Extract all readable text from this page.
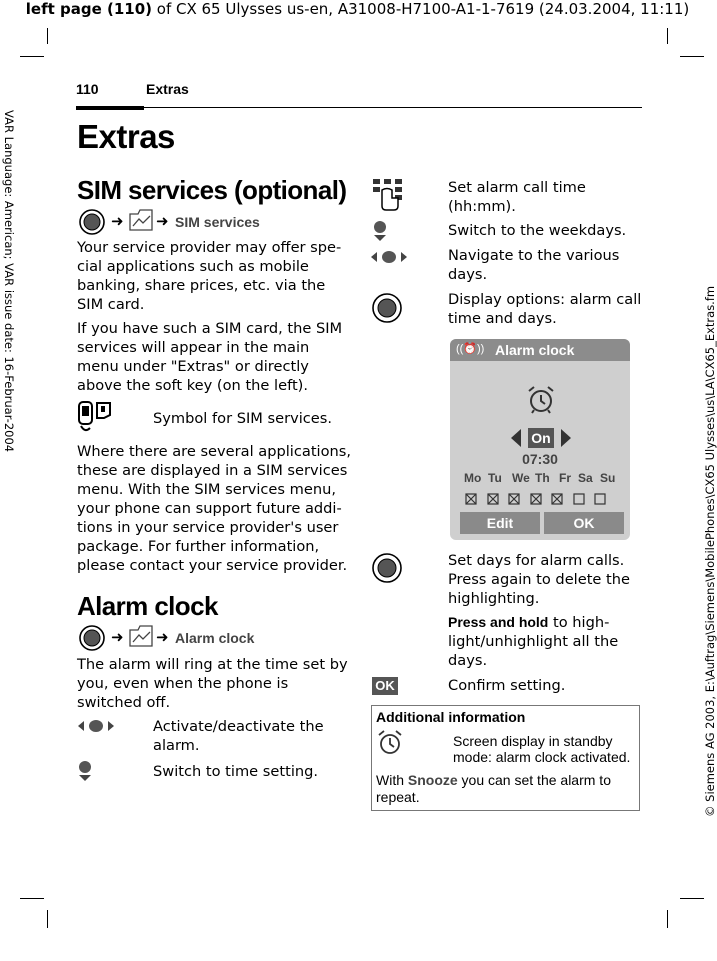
left page (110) of CX 65 Ulysses us-en, A31008-H7100-A1-1-7619 (24.03.2004, 11:11)
VAR Language: American; VAR issue date: 16-Februar-2004
© Siemens AG 2003, E:\Auftrag\Siemens\MobilePhones\CX65 Ulysses\us\LA\CX65_Extras.fm
110	Extras
Extras
SIM services (optional)
➜ ➜ SIM services
Your service provider may offer spe-
cial applications such as mobile
banking, share prices, etc. via the
SIM card.
If you have such a SIM card, the SIM
services will appear in the main
menu under "Extras" or directly
above the soft key (on the left).
Symbol for SIM services.
Where there are several applications,
these are displayed in a SIM services
menu. With the SIM services menu,
your phone can support future addi-
tions in your service provider's user
package. For further information,
please contact your service provider.
Alarm clock
➜ ➜ Alarm clock
The alarm will ring at the time set by
you, even when the phone is
switched off.
Activate/deactivate the
alarm.
Switch to time setting.
Set alarm call time
(hh:mm).
Switch to the weekdays.
Navigate to the various
days.
Display options: alarm call
time and days.
((⏰)) Alarm clock
On
07:30
Mo Tu We Th Fr Sa Su
Edit	OK
Set days for alarm calls.
Press again to delete the
highlighting.
Press and hold to high-
light/unhighlight all the
days.
OK	Confirm setting.
Additional information
Screen display in standby
mode: alarm clock activated.
With Snooze you can set the alarm to
repeat.
